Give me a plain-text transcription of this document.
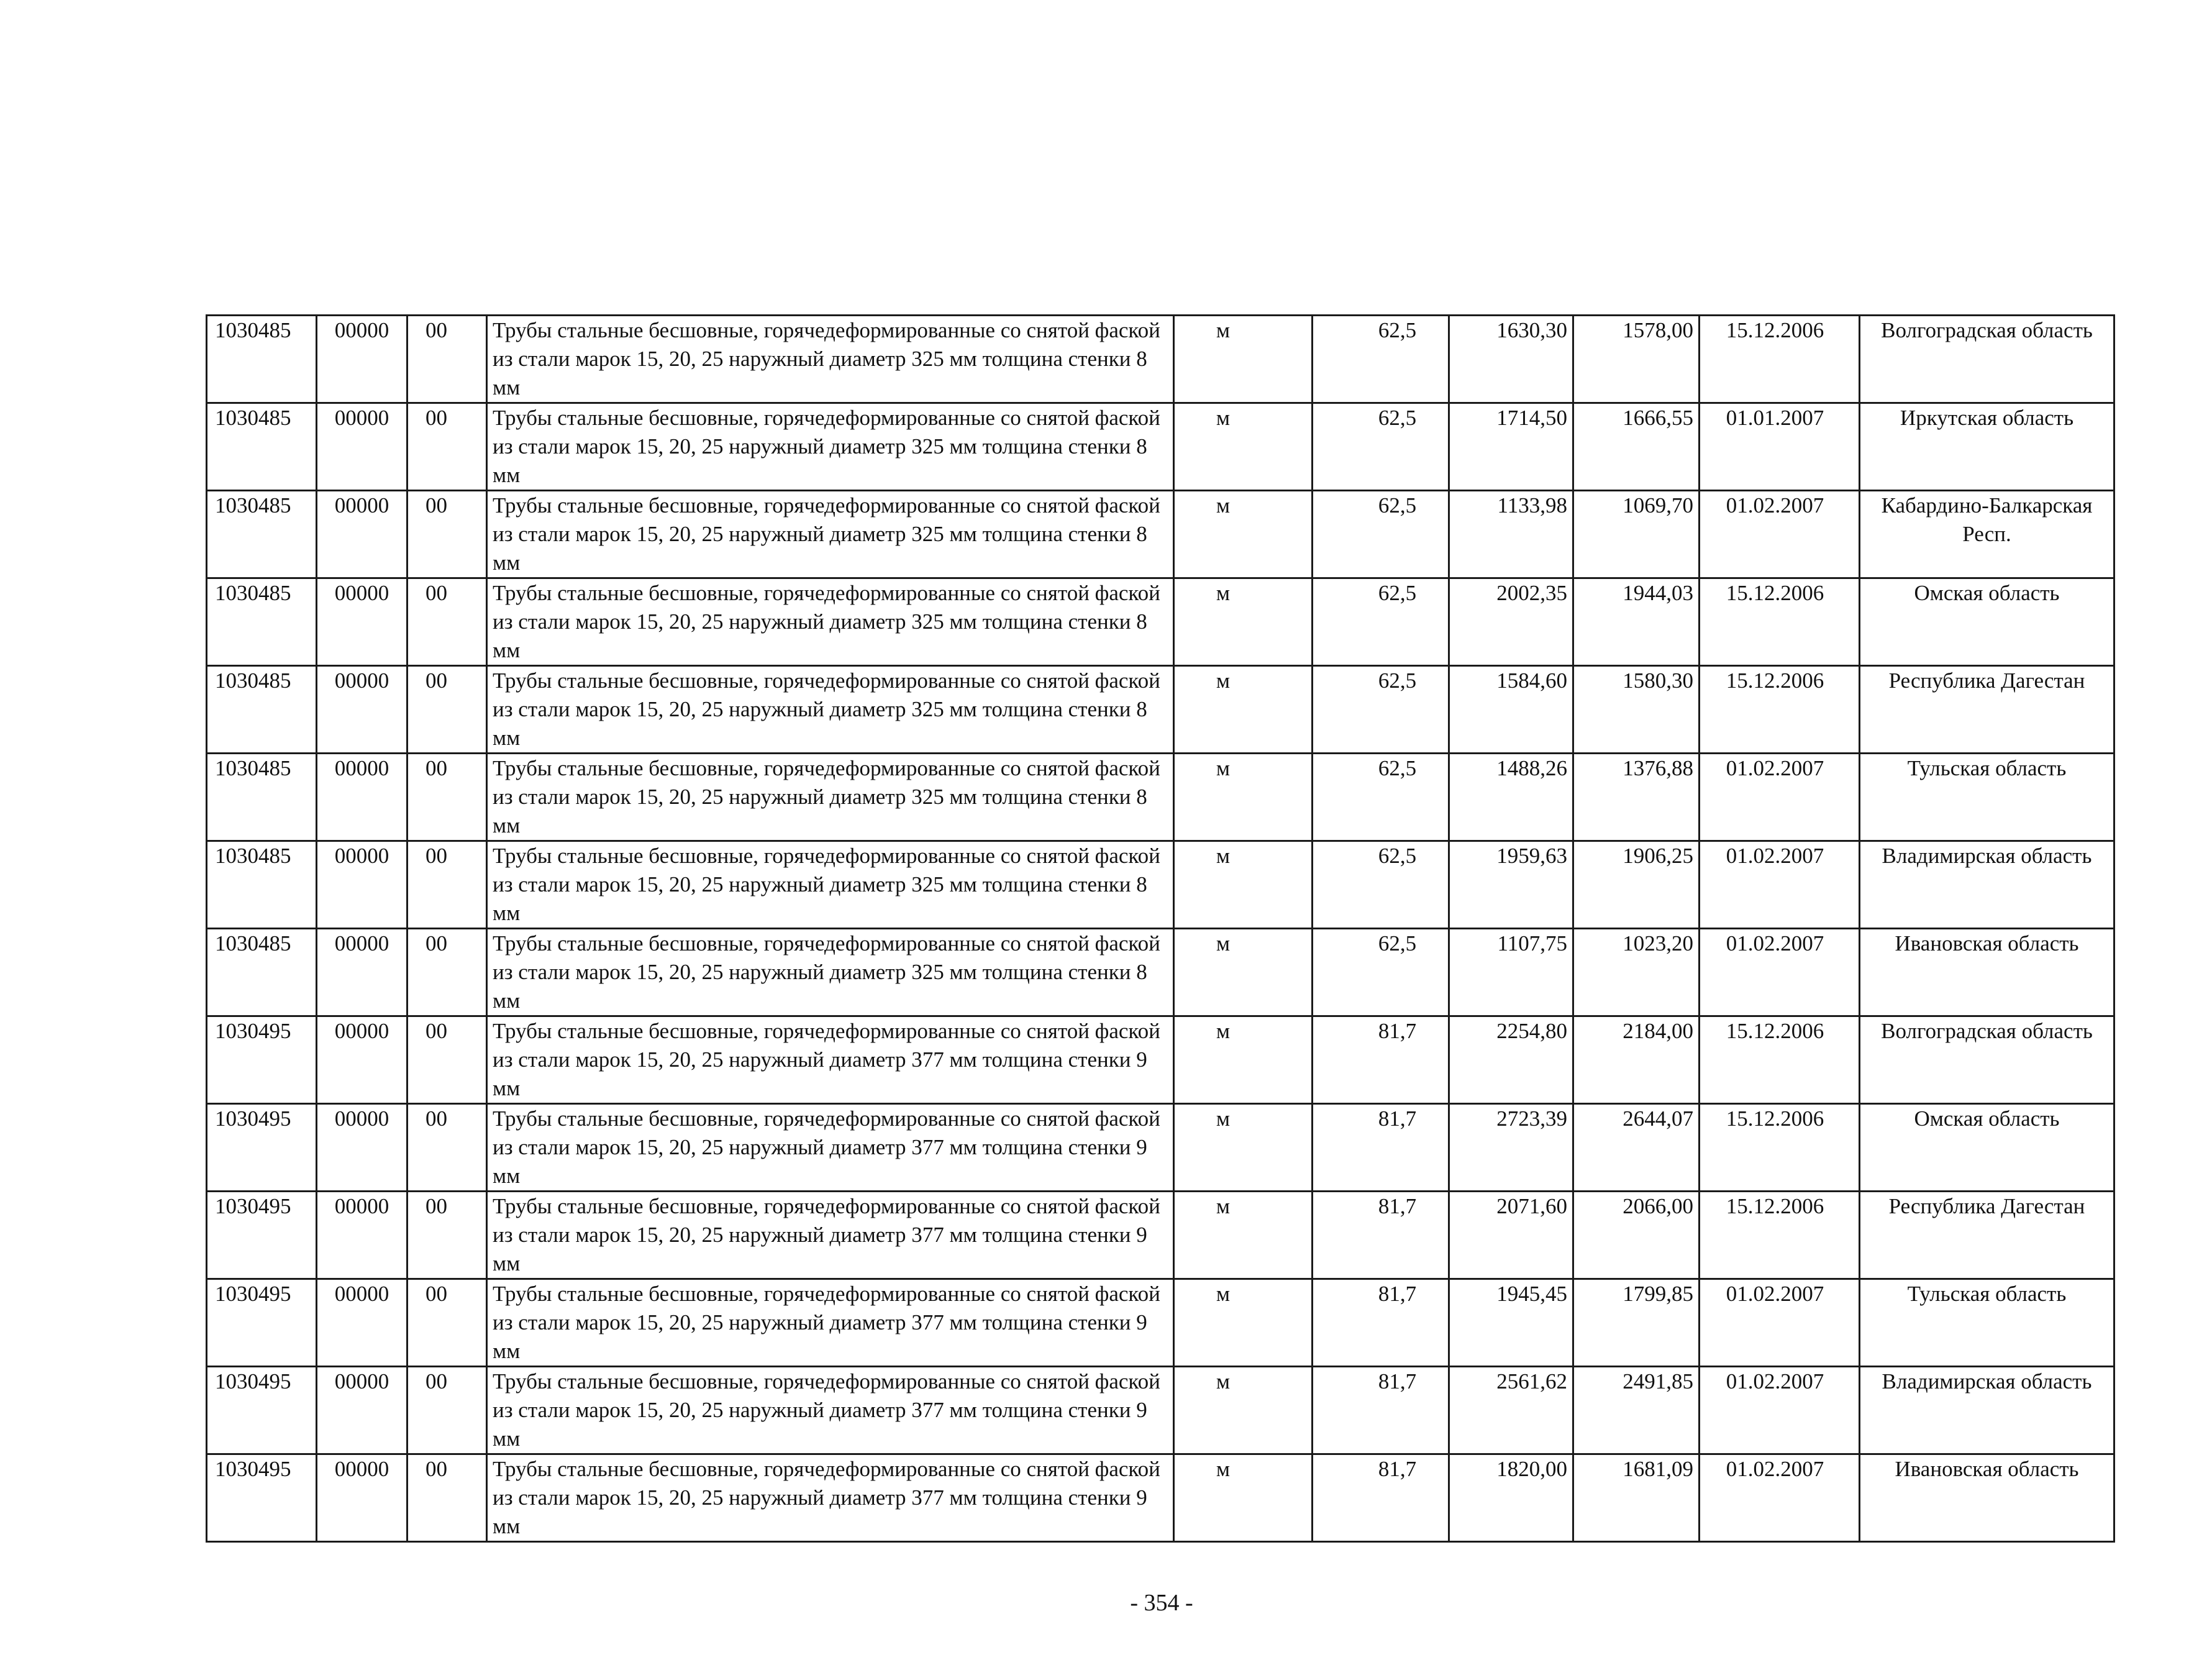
1030485	00000	00	Трубы стальные бесшовные, горячедеформированные со снятой фаской из стали марок 15, 20, 25 наружный диаметр 325 мм толщина стенки 8 мм	м	62,5	1630,30	1578,00	15.12.2006	Волгоградская область
1030485	00000	00	Трубы стальные бесшовные, горячедеформированные со снятой фаской из стали марок 15, 20, 25 наружный диаметр 325 мм толщина стенки 8 мм	м	62,5	1714,50	1666,55	01.01.2007	Иркутская область
1030485	00000	00	Трубы стальные бесшовные, горячедеформированные со снятой фаской из стали марок 15, 20, 25 наружный диаметр 325 мм толщина стенки 8 мм	м	62,5	1133,98	1069,70	01.02.2007	Кабардино-Балкарская Респ.
1030485	00000	00	Трубы стальные бесшовные, горячедеформированные со снятой фаской из стали марок 15, 20, 25 наружный диаметр 325 мм толщина стенки 8 мм	м	62,5	2002,35	1944,03	15.12.2006	Омская область
1030485	00000	00	Трубы стальные бесшовные, горячедеформированные со снятой фаской из стали марок 15, 20, 25 наружный диаметр 325 мм толщина стенки 8 мм	м	62,5	1584,60	1580,30	15.12.2006	Республика Дагестан
1030485	00000	00	Трубы стальные бесшовные, горячедеформированные со снятой фаской из стали марок 15, 20, 25 наружный диаметр 325 мм толщина стенки 8 мм	м	62,5	1488,26	1376,88	01.02.2007	Тульская область
1030485	00000	00	Трубы стальные бесшовные, горячедеформированные со снятой фаской из стали марок 15, 20, 25 наружный диаметр 325 мм толщина стенки 8 мм	м	62,5	1959,63	1906,25	01.02.2007	Владимирская область
1030485	00000	00	Трубы стальные бесшовные, горячедеформированные со снятой фаской из стали марок 15, 20, 25 наружный диаметр 325 мм толщина стенки 8 мм	м	62,5	1107,75	1023,20	01.02.2007	Ивановская область
1030495	00000	00	Трубы стальные бесшовные, горячедеформированные со снятой фаской из стали марок 15, 20, 25 наружный диаметр 377 мм толщина стенки 9 мм	м	81,7	2254,80	2184,00	15.12.2006	Волгоградская область
1030495	00000	00	Трубы стальные бесшовные, горячедеформированные со снятой фаской из стали марок 15, 20, 25 наружный диаметр 377 мм толщина стенки 9 мм	м	81,7	2723,39	2644,07	15.12.2006	Омская область
1030495	00000	00	Трубы стальные бесшовные, горячедеформированные со снятой фаской из стали марок 15, 20, 25 наружный диаметр 377 мм толщина стенки 9 мм	м	81,7	2071,60	2066,00	15.12.2006	Республика Дагестан
1030495	00000	00	Трубы стальные бесшовные, горячедеформированные со снятой фаской из стали марок 15, 20, 25 наружный диаметр 377 мм толщина стенки 9 мм	м	81,7	1945,45	1799,85	01.02.2007	Тульская область
1030495	00000	00	Трубы стальные бесшовные, горячедеформированные со снятой фаской из стали марок 15, 20, 25 наружный диаметр 377 мм толщина стенки 9 мм	м	81,7	2561,62	2491,85	01.02.2007	Владимирская область
1030495	00000	00	Трубы стальные бесшовные, горячедеформированные со снятой фаской из стали марок 15, 20, 25 наружный диаметр 377 мм толщина стенки 9 мм	м	81,7	1820,00	1681,09	01.02.2007	Ивановская область
- 354 -
